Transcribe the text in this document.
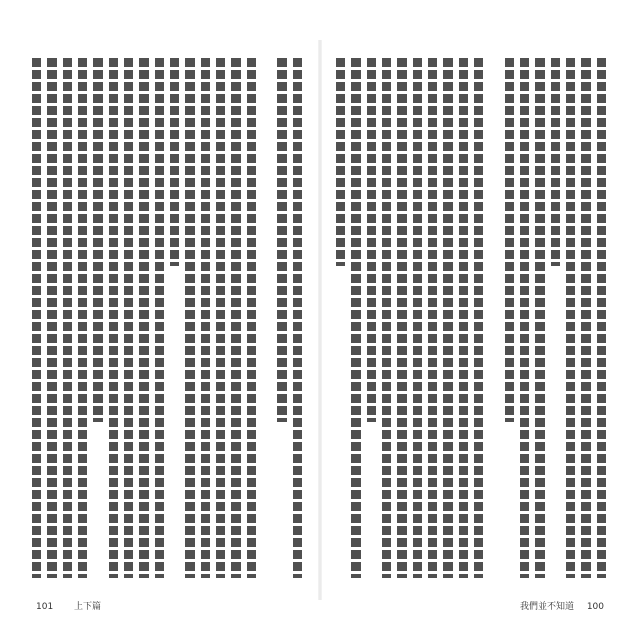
101 上下篇	我們並不知道 100
